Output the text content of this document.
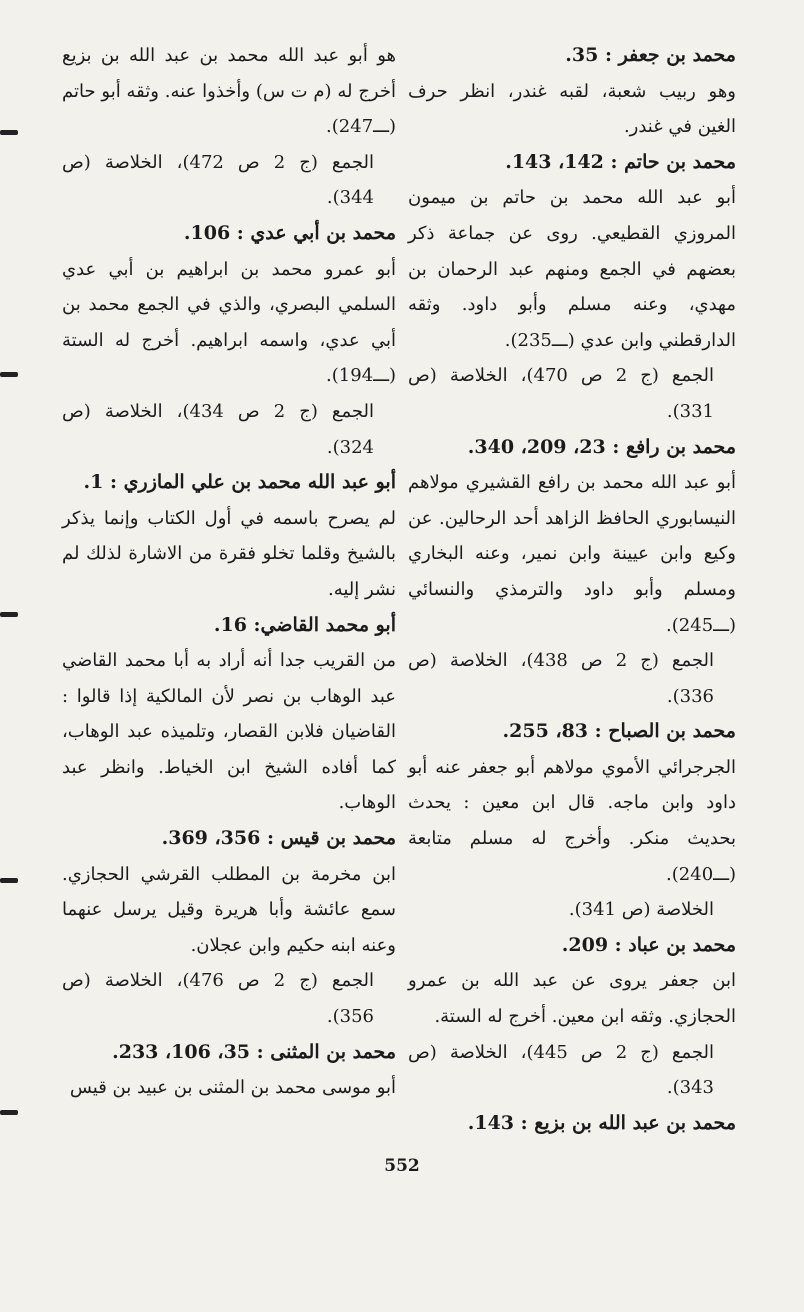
محمد بن جعفر : 35.

وهو ربيب شعبة، لقبه غندر، انظر حرف الغين في غندر.

محمد بن حاتم : 142، 143.

أبو عبد الله محمد بن حاتم بن ميمون المروزي القطيعي. روى عن جماعة ذكر بعضهم في الجمع ومنهم عبد الرحمان بن مهدي، وعنه مسلم وأبو داود. وثقه الدارقطني وابن عدي (ـــ235).

الجمع (ج 2 ص 470)، الخلاصة (ص 331).

محمد بن رافع : 23، 209، 340.

أبو عبد الله محمد بن رافع القشيري مولاهم النيسابوري الحافظ الزاهد أحد الرحالين. عن وكيع وابن عيينة وابن نمير، وعنه البخاري ومسلم وأبو داود والترمذي والنسائي (ـــ245).

الجمع (ج 2 ص 438)، الخلاصة (ص 336).

محمد بن الصباح : 83، 255.

الجرجرائي الأموي مولاهم أبو جعفر عنه أبو داود وابن ماجه. قال ابن معين : يحدث بحديث منكر. وأخرج له مسلم متابعة (ـــ240).

الخلاصة (ص 341).

محمد بن عباد : 209.

ابن جعفر يروى عن عبد الله بن عمرو الحجازي. وثقه ابن معين. أخرج له الستة.

الجمع (ج 2 ص 445)، الخلاصة (ص 343).

محمد بن عبد الله بن بزيع : 143.

هو أبو عبد الله محمد بن عبد الله بن بزيع أخرج له (م ت س) وأخذوا عنه. وثقه أبو حاتم (ـــ247).

الجمع (ج 2 ص 472)، الخلاصة (ص 344).

محمد بن أبي عدي : 106.

أبو عمرو محمد بن ابراهيم بن أبي عدي السلمي البصري، والذي في الجمع محمد بن أبي عدي، واسمه ابراهيم. أخرج له الستة (ـــ194).

الجمع (ج 2 ص 434)، الخلاصة (ص 324).

أبو عبد الله محمد بن علي المازري : 1.

لم يصرح باسمه في أول الكتاب وإنما يذكر بالشيخ وقلما تخلو فقرة من الاشارة لذلك لم نشر إليه.

أبو محمد القاضي: 16.

من القريب جدا أنه أراد به أبا محمد القاضي عبد الوهاب بن نصر لأن المالكية إذا قالوا : القاضيان فلابن القصار، وتلميذه عبد الوهاب، كما أفاده الشيخ ابن الخياط. وانظر عبد الوهاب.

محمد بن قيس : 356، 369.

ابن مخرمة بن المطلب القرشي الحجازي. سمع عائشة وأبا هريرة وقيل يرسل عنهما وعنه ابنه حكيم وابن عجلان.

الجمع (ج 2 ص 476)، الخلاصة (ص 356).

محمد بن المثنى : 35، 106، 233.

أبو موسى محمد بن المثنى بن عبيد بن قيس

552
